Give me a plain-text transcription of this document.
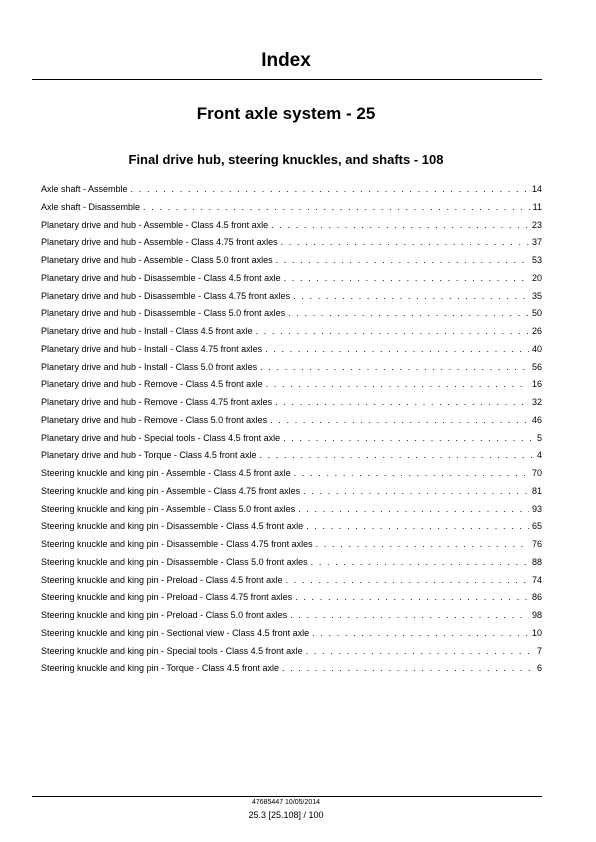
Index
Front axle system - 25
Final drive hub, steering knuckles, and shafts - 108
Axle shaft - Assemble . . .	14
Axle shaft - Disassemble . . .	11
Planetary drive and hub - Assemble - Class 4.5 front axle . . .	23
Planetary drive and hub - Assemble - Class 4.75 front axles . . .	37
Planetary drive and hub - Assemble - Class 5.0 front axles . . .	53
Planetary drive and hub - Disassemble - Class 4.5 front axle . . .	20
Planetary drive and hub - Disassemble - Class 4.75 front axles . . .	35
Planetary drive and hub - Disassemble - Class 5.0 front axles . . .	50
Planetary drive and hub - Install - Class 4.5 front axle . . .	26
Planetary drive and hub - Install - Class 4.75 front axles . . .	40
Planetary drive and hub - Install - Class 5.0 front axles . . .	56
Planetary drive and hub - Remove - Class 4.5 front axle . . .	16
Planetary drive and hub - Remove - Class 4.75 front axles . . .	32
Planetary drive and hub - Remove - Class 5.0 front axles . . .	46
Planetary drive and hub - Special tools - Class 4.5 front axle . . .	5
Planetary drive and hub - Torque - Class 4.5 front axle . . .	4
Steering knuckle and king pin - Assemble - Class 4.5 front axle . . .	70
Steering knuckle and king pin - Assemble - Class 4.75 front axles . . .	81
Steering knuckle and king pin - Assemble - Class 5.0 front axles . . .	93
Steering knuckle and king pin - Disassemble - Class 4.5 front axle . . .	65
Steering knuckle and king pin - Disassemble - Class 4.75 front axles . . .	76
Steering knuckle and king pin - Disassemble - Class 5.0 front axles . . .	88
Steering knuckle and king pin - Preload - Class 4.5 front axle . . .	74
Steering knuckle and king pin - Preload - Class 4.75 front axles . . .	86
Steering knuckle and king pin - Preload - Class 5.0 front axles . . .	98
Steering knuckle and king pin - Sectional view - Class 4.5 front axle . . .	10
Steering knuckle and king pin - Special tools - Class 4.5 front axle . . .	7
Steering knuckle and king pin - Torque - Class 4.5 front axle . . .	6
47685447 10/05/2014
25.3 [25.108] / 100
